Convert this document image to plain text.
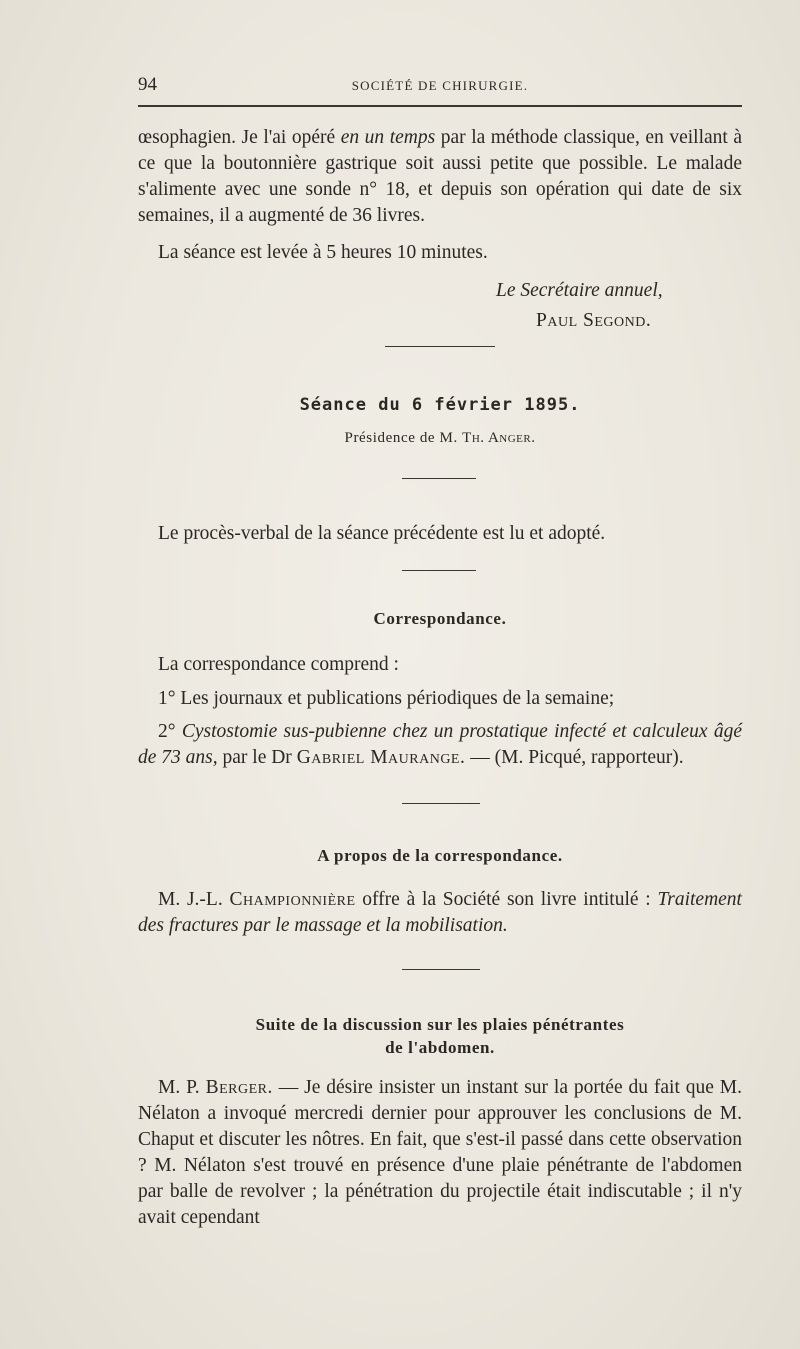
94	SOCIÉTÉ DE CHIRURGIE.
œsophagien. Je l'ai opéré en un temps par la méthode classique, en veillant à ce que la boutonnière gastrique soit aussi petite que possible. Le malade s'alimente avec une sonde n° 18, et depuis son opération qui date de six semaines, il a augmenté de 36 livres.
La séance est levée à 5 heures 10 minutes.
Le Secrétaire annuel,
Paul Segond.
Séance du 6 février 1895.
Présidence de M. Th. Anger.
Le procès-verbal de la séance précédente est lu et adopté.
Correspondance.
La correspondance comprend :
1° Les journaux et publications périodiques de la semaine;
2° Cystostomie sus-pubienne chez un prostatique infecté et calculeux âgé de 73 ans, par le Dr Gabriel Maurange. — (M. Picqué, rapporteur).
A propos de la correspondance.
M. J.-L. Championnière offre à la Société son livre intitulé : Traitement des fractures par le massage et la mobilisation.
Suite de la discussion sur les plaies pénétrantes
de l'abdomen.
M. P. Berger. — Je désire insister un instant sur la portée du fait que M. Nélaton a invoqué mercredi dernier pour approuver les conclusions de M. Chaput et discuter les nôtres. En fait, que s'est-il passé dans cette observation ? M. Nélaton s'est trouvé en présence d'une plaie pénétrante de l'abdomen par balle de revolver ; la pénétration du projectile était indiscutable ; il n'y avait cependant
